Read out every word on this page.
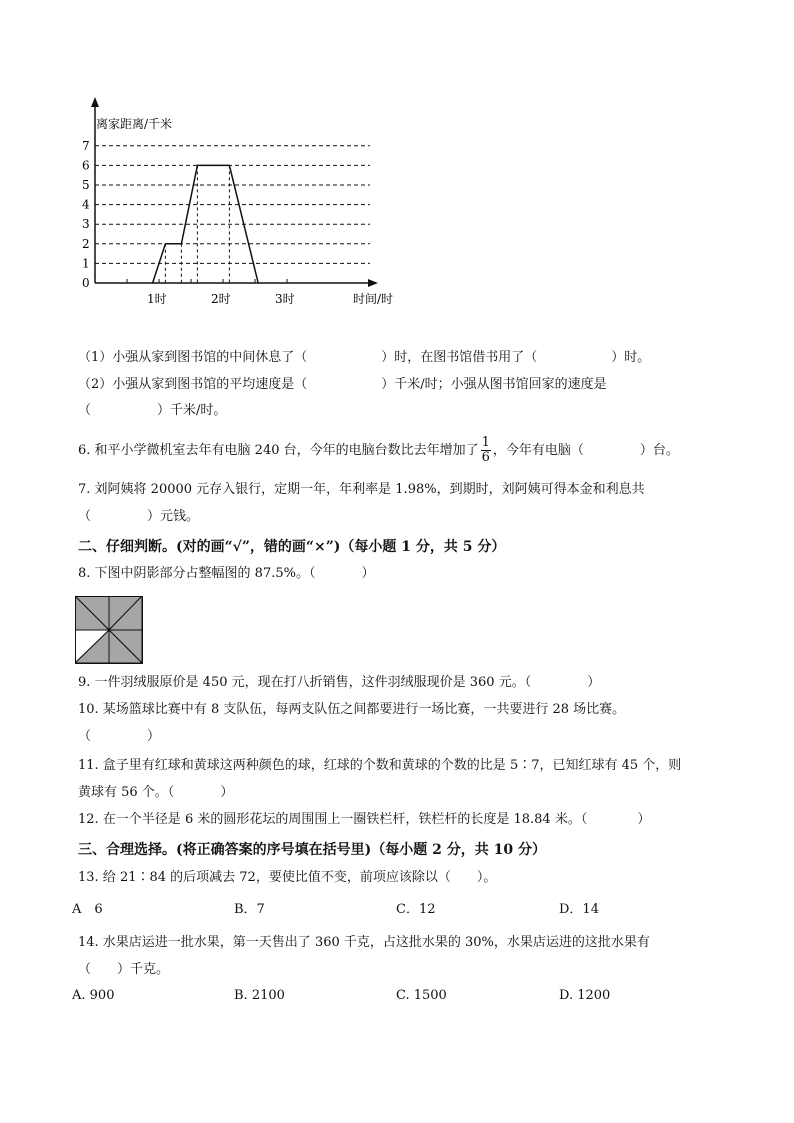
0
1
2
3
4
5
6
7
1时	2时	3时
离家距离/千米
时间/时
（1）小强从家到图书馆的中间休息了（	）时，在图书馆借书用了（	）时。
（2）小强从家到图书馆的平均速度是（	）千米/时；小强从图书馆回家的速度是
（	）千米/时。
6. 和平小学微机室去年有电脑 240 台，今年的电脑台数比去年增加了 $\frac{1}{6}$ ，今年有电脑（	）台。
7. 刘阿姨将 20000 元存入银行，定期一年，年利率是 1.98%，到期时，刘阿姨可得本金和利息共
（	）元钱。
二、仔细判断。(对的画“√”，错的画“×”)（每小题 1 分，共 5 分）
8. 下图中阴影部分占整幅图的 87.5%。（	）
9. 一件羽绒服原价是 450 元，现在打八折销售，这件羽绒服现价是 360 元。（	）
10. 某场篮球比赛中有 8 支队伍，每两支队伍之间都要进行一场比赛，一共要进行 28 场比赛。
（	）
11. 盒子里有红球和黄球这两种颜色的球，红球的个数和黄球的个数的比是 5∶7，已知红球有 45 个，则
黄球有 56 个。（	）
12. 在一个半径是 6 米的圆形花坛的周围围上一圈铁栏杆，铁栏杆的长度是 18.84 米。（	）
三、合理选择。(将正确答案的序号填在括号里)（每小题 2 分，共 10 分）
13. 给 21∶84 的后项减去 72，要使比值不变，前项应该除以（　　）。
A　6	B．7	C．12	D．14
14. 水果店运进一批水果，第一天售出了 360 千克，占这批水果的 30%，水果店运进的这批水果有
（　　）千克。
A. 900	B. 2100	C. 1500	D. 1200
